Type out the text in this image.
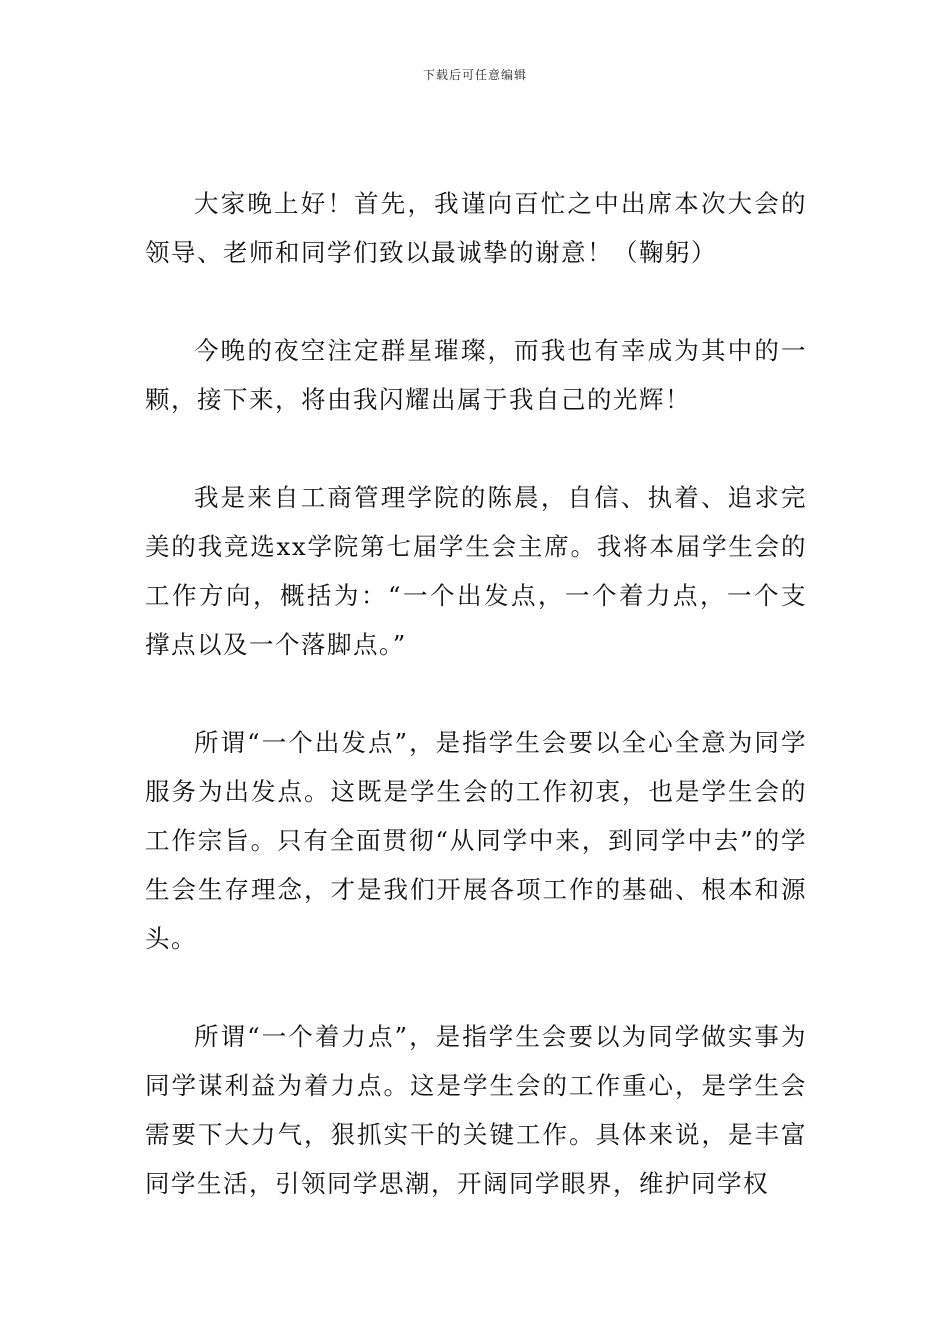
下载后可任意编辑

大家晚上好！首先，我谨向百忙之中出席本次大会的领导、老师和同学们致以最诚挚的谢意！（鞠躬）

今晚的夜空注定群星璀璨，而我也有幸成为其中的一颗，接下来，将由我闪耀出属于我自己的光辉！

我是来自工商管理学院的陈晨，自信、执着、追求完美的我竞选xx学院第七届学生会主席。我将本届学生会的工作方向，概括为：“一个出发点，一个着力点，一个支撑点以及一个落脚点。”

所谓“一个出发点”，是指学生会要以全心全意为同学服务为出发点。这既是学生会的工作初衷，也是学生会的工作宗旨。只有全面贯彻“从同学中来，到同学中去”的学生会生存理念，才是我们开展各项工作的基础、根本和源头。

所谓“一个着力点”，是指学生会要以为同学做实事为同学谋利益为着力点。这是学生会的工作重心，是学生会需要下大力气，狠抓实干的关键工作。具体来说，是丰富同学生活，引领同学思潮，开阔同学眼界，维护同学权
